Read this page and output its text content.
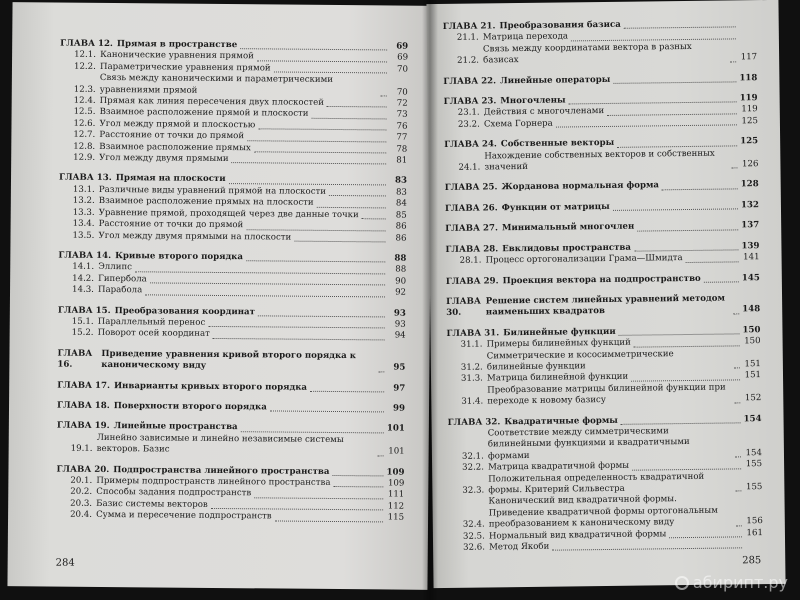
ГЛАВА 12. Прямая в пространстве	69
12.1. Канонические уравнения прямой	69
12.2. Параметрические уравнения прямой	70
12.3.
Связь между каноническими и параметрическими уравнениями прямой	70
12.4. Прямая как линия пересечения двух плоскостей	72
12.5. Взаимное расположение прямой и плоскости	73
12.6. Угол между прямой и плоскостью	76
12.7. Расстояние от точки до прямой	77
12.8. Взаимное расположение прямых	78
12.9. Угол между двумя прямыми	81
ГЛАВА 13. Прямая на плоскости	83
13.1. Различные виды уравнений прямой на плоскости	83
13.2. Взаимное расположение прямых на плоскости	84
13.3. Уравнение прямой, проходящей через две данные точки	85
13.4. Расстояние от точки до прямой	86
13.5. Угол между двумя прямыми на плоскости	86
ГЛАВА 14. Кривые второго порядка	88
14.1. Эллипс	88
14.2. Гипербола	90
14.3. Парабола	92
ГЛАВА 15. Преобразования координат	93
15.1. Параллельный перенос	93
15.2. Поворот осей координат	94
ГЛАВА 16.
Приведение уравнения кривой второго порядка к каноническому виду	95
ГЛАВА 17. Инварианты кривых второго порядка	97
ГЛАВА 18. Поверхности второго порядка	99
ГЛАВА 19. Линейные пространства	101
19.1.
Линейно зависимые и линейно независимые системы векторов. Базис	101
ГЛАВА 20. Подпространства линейного пространства	109
20.1. Примеры подпространств линейного пространства	109
20.2. Способы задания подпространств	111
20.3. Базис системы векторов	112
20.4. Сумма и пересечение подпространств	115
284
ГЛАВА 21. Преобразования базиса
21.1. Матрица перехода
21.2.
Связь между координатами вектора в разных базисах	117
ГЛАВА 22. Линейные операторы	118
ГЛАВА 23. Многочлены	119
23.1. Действия с многочленами	119
23.2. Схема Горнера	125
ГЛАВА 24. Собственные векторы	125
24.1.
Нахождение собственных векторов и собственных значений	126
ГЛАВА 25. Жорданова нормальная форма	128
ГЛАВА 26. Функции от матрицы	132
ГЛАВА 27. Минимальный многочлен	137
ГЛАВА 28. Евклидовы пространства	139
28.1. Процесс ортогонализации Грама—Шмидта	141
ГЛАВА 29. Проекция вектора на подпространство	145
ГЛАВА 30.
Решение систем линейных уравнений методом наименьших квадратов	148
ГЛАВА 31. Билинейные функции	150
31.1. Примеры билинейных функций	150
31.2.
Симметрические и кососимметрические билинейные функции	151
31.3. Матрица билинейной функции	151
31.4.
Преобразование матрицы билинейной функции при переходе к новому базису	152
ГЛАВА 32. Квадратичные формы	154
32.1.
Соответствие между симметрическими билинейными функциями и квадратичными формами	154
32.2. Матрица квадратичной формы	155
32.3.
Положительная определенность квадратичной формы. Критерий Сильвестра	155
32.4.
Канонический вид квадратичной формы. Приведение квадратичной формы ортогональным преобразованием к каноническому виду	156
32.5. Нормальный вид квадратичной формы	161
32.6. Метод Якоби
285
абирипт.ру
